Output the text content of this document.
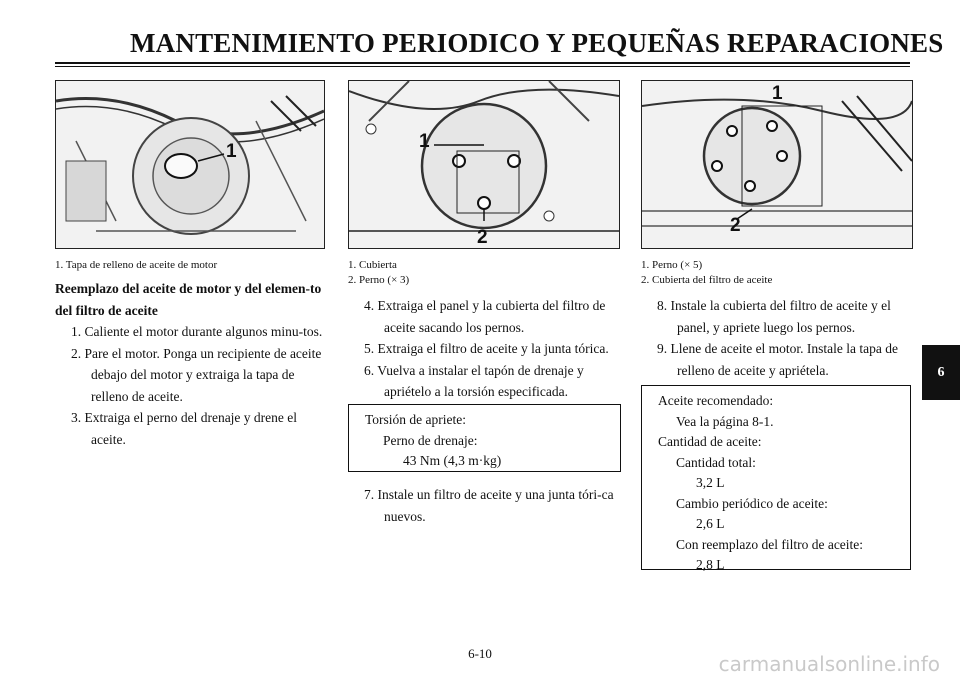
MANTENIMIENTO PERIODICO Y PEQUEÑAS REPARACIONES
1	1
2
1
2
1. Tapa de relleno de aceite de motor	1. Cubierta
2. Perno (× 3)
1. Perno (× 5)
2. Cubierta del filtro de aceite
Reemplazo del aceite de motor y del elemen-to del filtro de aceite
1. Caliente el motor durante algunos minu-tos.
2. Pare el motor. Ponga un recipiente de aceite debajo del motor y extraiga la tapa de relleno de aceite.
3. Extraiga el perno del drenaje y drene el aceite.
4. Extraiga el panel y la cubierta del filtro de aceite sacando los pernos.
5. Extraiga el filtro de aceite y la junta tórica.
6. Vuelva a instalar el tapón de drenaje y apriételo a la torsión especificada.
Torsión de apriete:
Perno de drenaje:
43 Nm (4,3 m·kg)
7. Instale un filtro de aceite y una junta tóri-ca nuevos.
8. Instale la cubierta del filtro de aceite y el panel, y apriete luego los pernos.
9. Llene de aceite el motor. Instale la tapa de relleno de aceite y apriétela.
Aceite recomendado:
Vea la página 8-1.
Cantidad de aceite:
Cantidad total:
3,2 L
Cambio periódico de aceite:
2,6 L
Con reemplazo del filtro de aceite:
2,8 L
6
6-10	carmanualsonline.info
